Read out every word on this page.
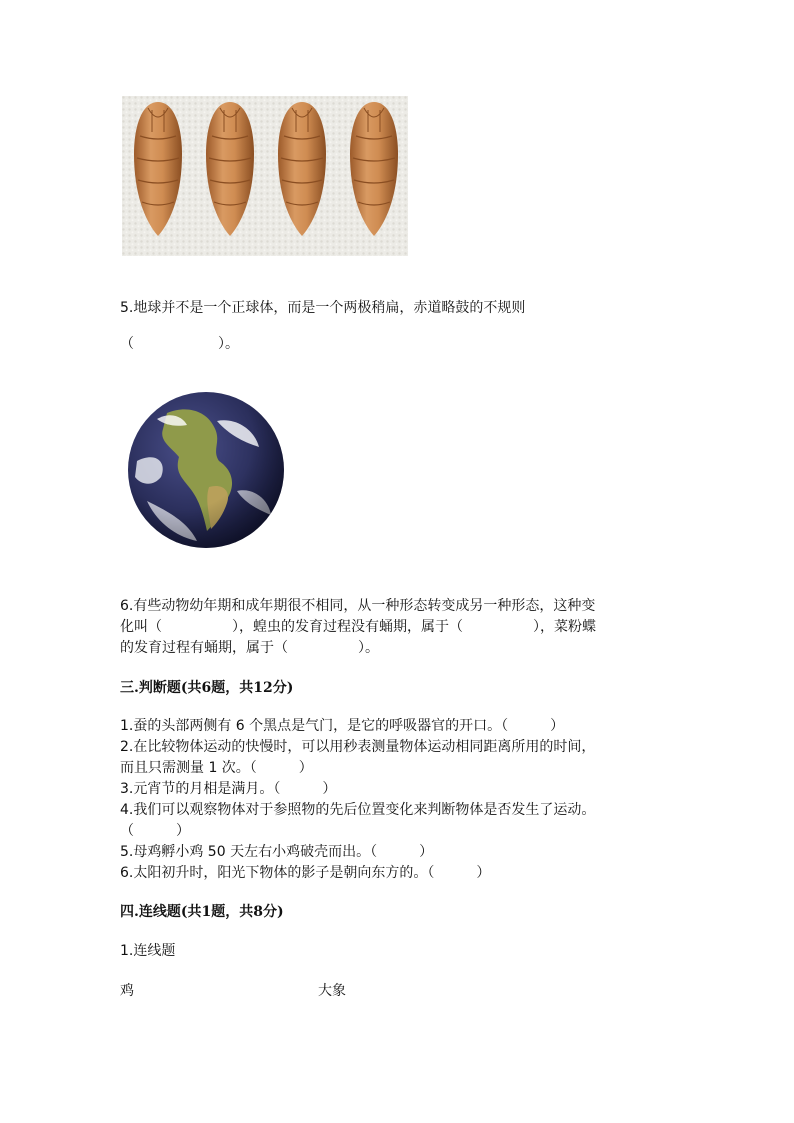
5.地球并不是一个正球体，而是一个两极稍扁，赤道略鼓的不规则
（　　　　　　）。
6.有些动物幼年期和成年期很不相同，从一种形态转变成另一种形态，这种变
化叫（　　　　　），蝗虫的发育过程没有蛹期，属于（　　　　　），菜粉蝶
的发育过程有蛹期，属于（　　　　　）。
三.判断题(共6题，共12分)
1.蚕的头部两侧有 6 个黑点是气门，是它的呼吸器官的开口。（　　　）
2.在比较物体运动的快慢时，可以用秒表测量物体运动相同距离所用的时间，
而且只需测量 1 次。（　　　）
3.元宵节的月相是满月。（　　　）
4.我们可以观察物体对于参照物的先后位置变化来判断物体是否发生了运动。
（　　　）
5.母鸡孵小鸡 50 天左右小鸡破壳而出。（　　　）
6.太阳初升时，阳光下物体的影子是朝向东方的。（　　　）
四.连线题(共1题，共8分)
1.连线题
鸡	大象
